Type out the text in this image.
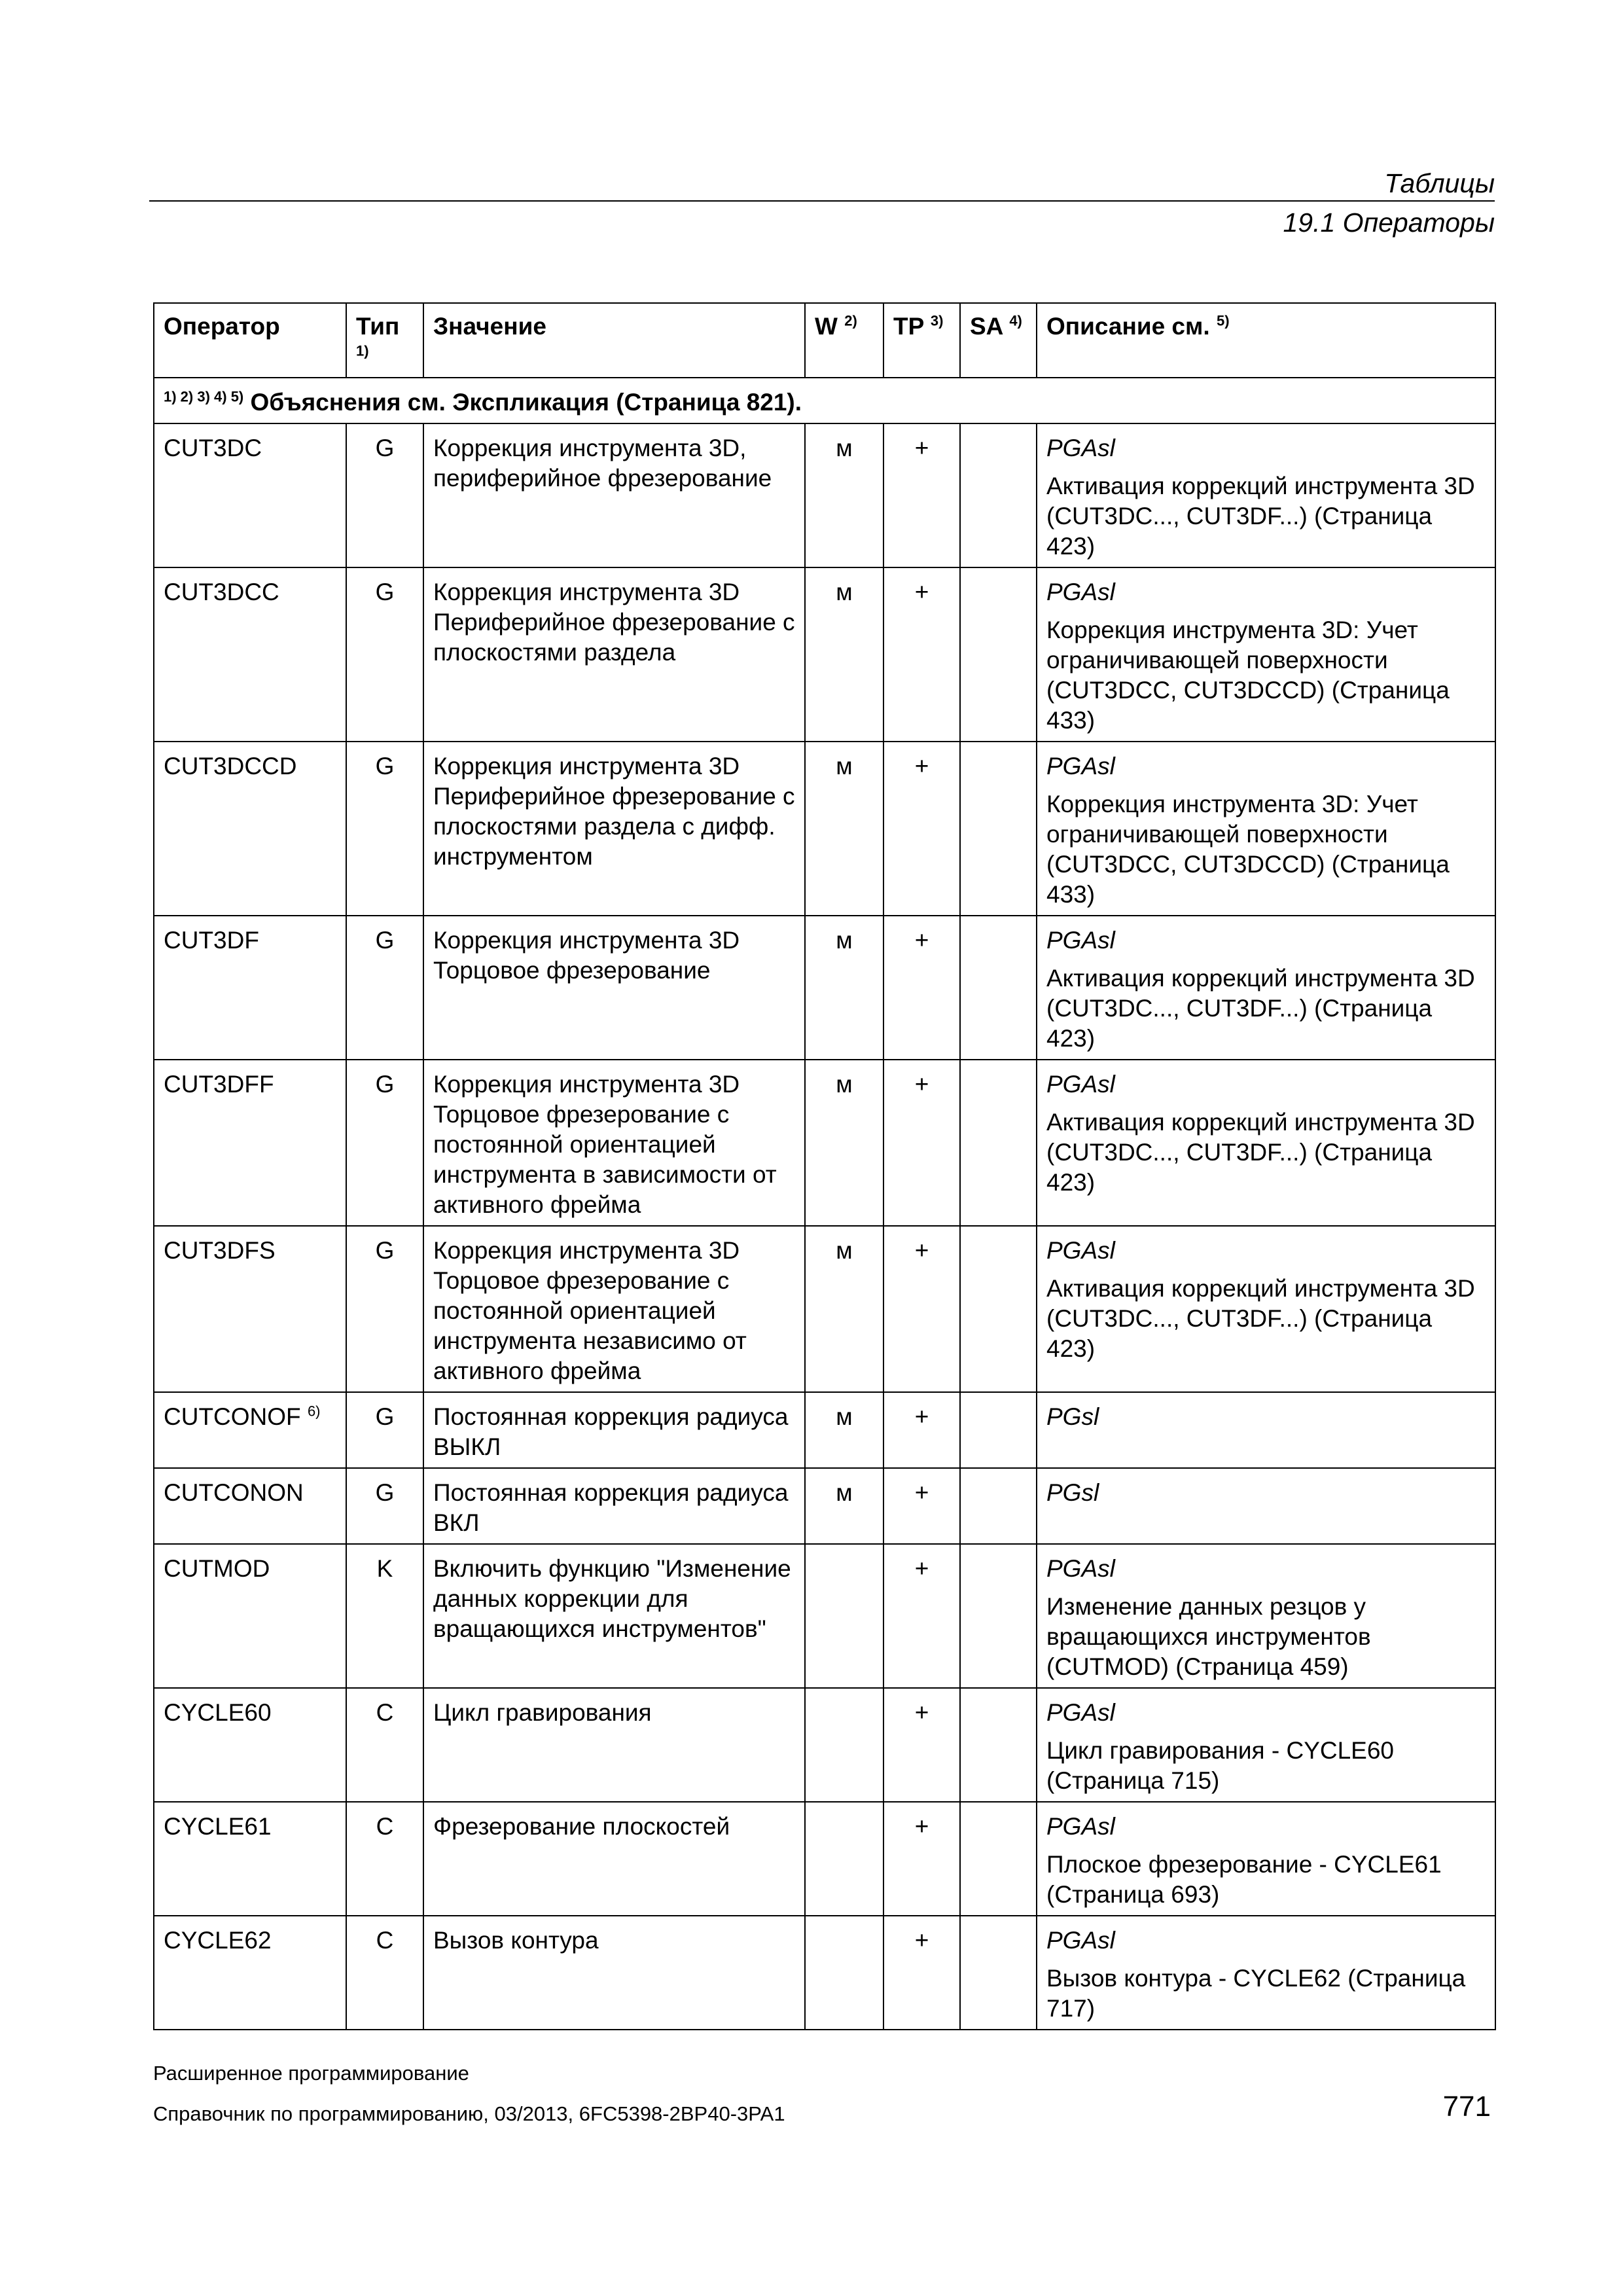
Таблицы
19.1 Операторы
Оператор	Тип $^{1)}$	Значение	W $^{2)}$	TP $^{3)}$	SA $^{4)}$	Описание см. $^{5)}$
$^{1) 2) 3) 4) 5)}$ Объяснения см. Экспликация (Страница 821).						
CUT3DC	G	Коррекция инструмента 3D, периферийное фрезерование	м	+		PGAsl
Активация коррекций инструмента 3D (CUT3DC..., CUT3DF...) (Страница 423)

CUT3DCC	G	Коррекция инструмента 3D Периферийное фрезерование с плоскостями раздела	м	+		PGAsl
Коррекция инструмента 3D: Учет ограничивающей поверхности (CUT3DCC, CUT3DCCD) (Страница 433)

CUT3DCCD	G	Коррекция инструмента 3D Периферийное фрезерование с плоскостями раздела с дифф. инструментом	м	+		PGAsl
Коррекция инструмента 3D: Учет ограничивающей поверхности (CUT3DCC, CUT3DCCD) (Страница 433)

CUT3DF	G	Коррекция инструмента 3D Торцовое фрезерование	м	+		PGAsl
Активация коррекций инструмента 3D (CUT3DC..., CUT3DF...) (Страница 423)

CUT3DFF	G	Коррекция инструмента 3D Торцовое фрезерование с постоянной ориентацией инструмента в зависимости от активного фрейма	м	+		PGAsl
Активация коррекций инструмента 3D (CUT3DC..., CUT3DF...) (Страница 423)

CUT3DFS	G	Коррекция инструмента 3D Торцовое фрезерование с постоянной ориентацией инструмента независимо от активного фрейма	м	+		PGAsl
Активация коррекций инструмента 3D (CUT3DC..., CUT3DF...) (Страница 423)

CUTCONOF $^{6)}$	G	Постоянная коррекция радиуса ВЫКЛ	м	+		PGsl

CUTCONON	G	Постоянная коррекция радиуса ВКЛ	м	+		PGsl

CUTMOD	K	Включить функцию "Изменение данных коррекции для вращающихся инструментов"		+		PGAsl
Изменение данных резцов у вращающихся инструментов (CUTMOD) (Страница 459)

CYCLE60	C	Цикл гравирования		+		PGAsl
Цикл гравирования - CYCLE60 (Страница 715)

CYCLE61	C	Фрезерование плоскостей		+		PGAsl
Плоское фрезерование - CYCLE61 (Страница 693)

CYCLE62	C	Вызов контура		+		PGAsl
Вызов контура - CYCLE62 (Страница 717)
Расширенное программирование
Справочник по программированию, 03/2013, 6FC5398-2BP40-3PA1	771
